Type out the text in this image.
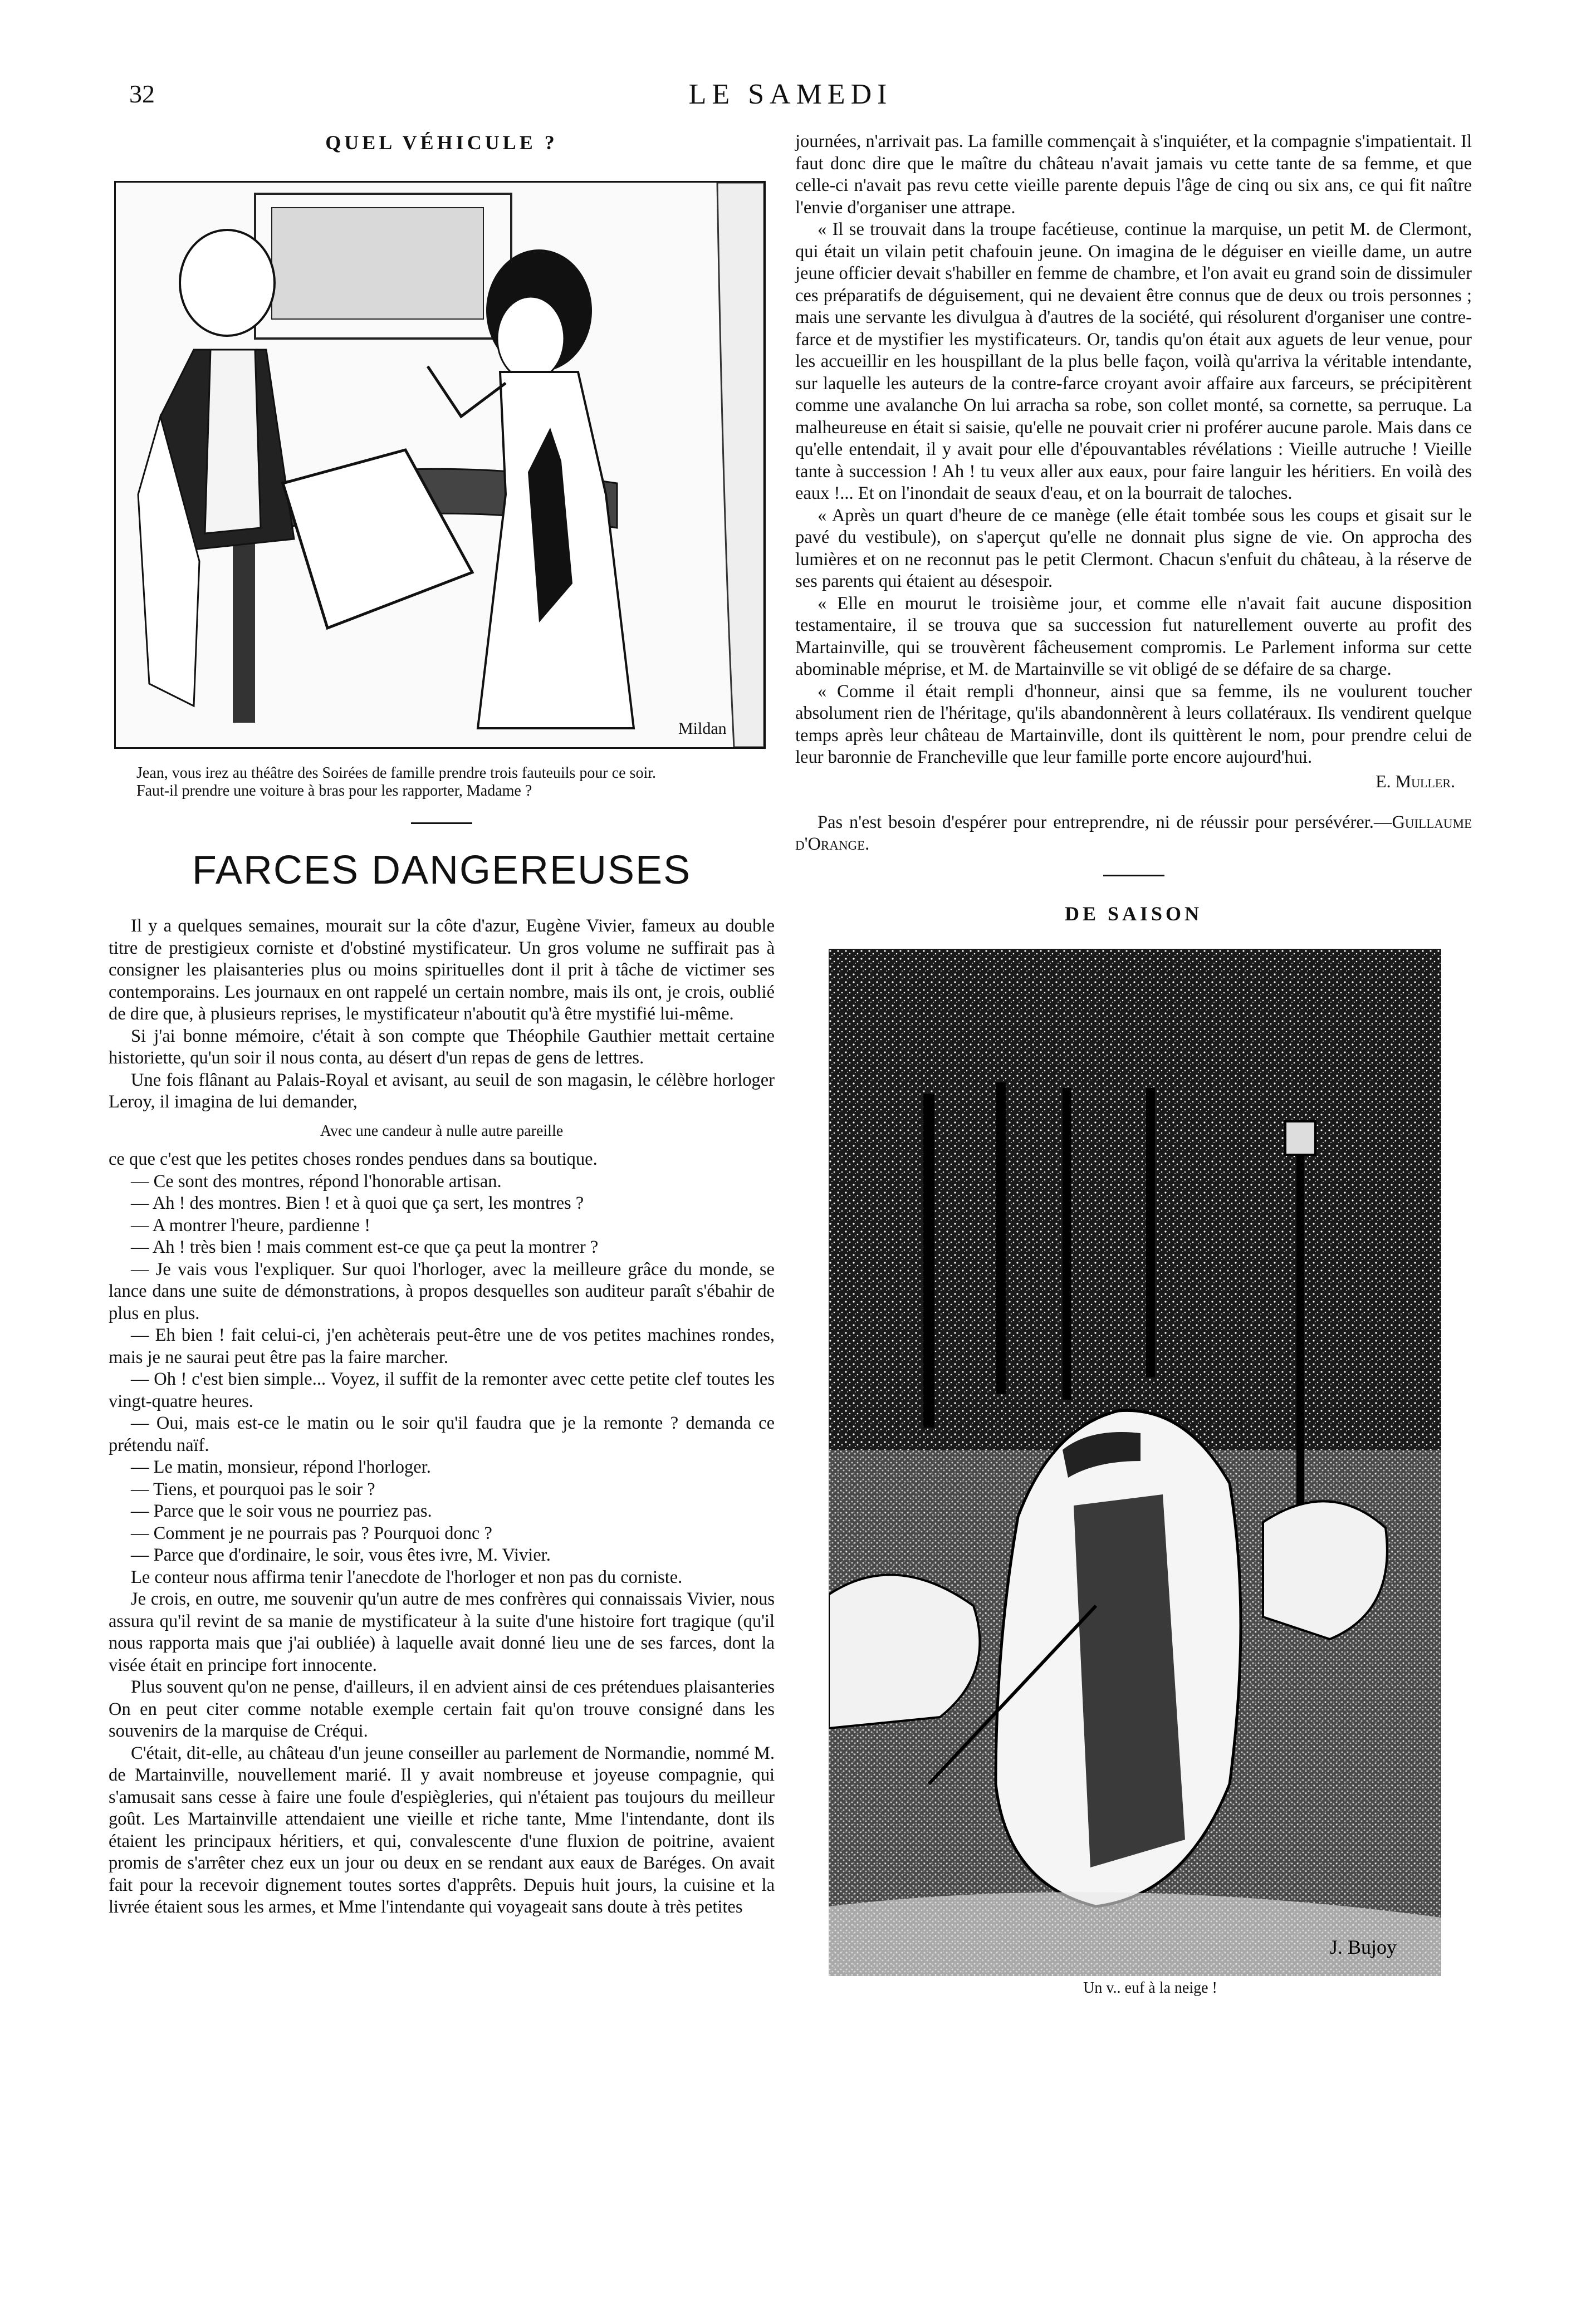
32	LE SAMEDI
QUEL VÉHICULE ?
Mildan

Jean, vous irez au théâtre des Soirées de famille prendre trois fauteuils pour ce soir.

Faut-il prendre une voiture à bras pour les rapporter, Madame ?

FARCES DANGEREUSES

Il y a quelques semaines, mourait sur la côte d'azur, Eugène Vivier, fameux au double titre de prestigieux corniste et d'obstiné mystificateur. Un gros volume ne suffirait pas à consigner les plaisanteries plus ou moins spirituelles dont il prit à tâche de victimer ses contemporains. Les journaux en ont rappelé un certain nombre, mais ils ont, je crois, oublié de dire que, à plusieurs reprises, le mystificateur n'aboutit qu'à être mystifié lui-même.

Si j'ai bonne mémoire, c'était à son compte que Théophile Gauthier mettait certaine historiette, qu'un soir il nous conta, au désert d'un repas de gens de lettres.

Une fois flânant au Palais-Royal et avisant, au seuil de son magasin, le célèbre horloger Leroy, il imagina de lui demander,

Avec une candeur à nulle autre pareille

ce que c'est que les petites choses rondes pendues dans sa boutique.

— Ce sont des montres, répond l'honorable artisan.

— Ah ! des montres. Bien ! et à quoi que ça sert, les montres ?

— A montrer l'heure, pardienne !

— Ah ! très bien ! mais comment est-ce que ça peut la montrer ?

— Je vais vous l'expliquer. Sur quoi l'horloger, avec la meilleure grâce du monde, se lance dans une suite de démonstrations, à propos desquelles son auditeur paraît s'ébahir de plus en plus.

— Eh bien ! fait celui-ci, j'en achèterais peut-être une de vos petites machines rondes, mais je ne saurai peut être pas la faire marcher.

— Oh ! c'est bien simple... Voyez, il suffit de la remonter avec cette petite clef toutes les vingt-quatre heures.

— Oui, mais est-ce le matin ou le soir qu'il faudra que je la remonte ? demanda ce prétendu naïf.

— Le matin, monsieur, répond l'horloger.

— Tiens, et pourquoi pas le soir ?

— Parce que le soir vous ne pourriez pas.

— Comment je ne pourrais pas ? Pourquoi donc ?

— Parce que d'ordinaire, le soir, vous êtes ivre, M. Vivier.

Le conteur nous affirma tenir l'anecdote de l'horloger et non pas du corniste.

Je crois, en outre, me souvenir qu'un autre de mes confrères qui connaissais Vivier, nous assura qu'il revint de sa manie de mystificateur à la suite d'une histoire fort tragique (qu'il nous rapporta mais que j'ai oubliée) à laquelle avait donné lieu une de ses farces, dont la visée était en principe fort innocente.

Plus souvent qu'on ne pense, d'ailleurs, il en advient ainsi de ces prétendues plaisanteries On en peut citer comme notable exemple certain fait qu'on trouve consigné dans les souvenirs de la marquise de Créqui.

C'était, dit-elle, au château d'un jeune conseiller au parlement de Normandie, nommé M. de Martainville, nouvellement marié. Il y avait nombreuse et joyeuse compagnie, qui s'amusait sans cesse à faire une foule d'espiègleries, qui n'étaient pas toujours du meilleur goût. Les Martainville attendaient une vieille et riche tante, Mme l'intendante, dont ils étaient les principaux héritiers, et qui, convalescente d'une fluxion de poitrine, avaient promis de s'arrêter chez eux un jour ou deux en se rendant aux eaux de Baréges. On avait fait pour la recevoir dignement toutes sortes d'apprêts. Depuis huit jours, la cuisine et la livrée étaient sous les armes, et Mme l'intendante qui voyageait sans doute à très petites

journées, n'arrivait pas. La famille commençait à s'inquiéter, et la compagnie s'impatientait. Il faut donc dire que le maître du château n'avait jamais vu cette tante de sa femme, et que celle-ci n'avait pas revu cette vieille parente depuis l'âge de cinq ou six ans, ce qui fit naître l'envie d'organiser une attrape.

« Il se trouvait dans la troupe facétieuse, continue la marquise, un petit M. de Clermont, qui était un vilain petit chafouin jeune. On imagina de le déguiser en vieille dame, un autre jeune officier devait s'habiller en femme de chambre, et l'on avait eu grand soin de dissimuler ces préparatifs de déguisement, qui ne devaient être connus que de deux ou trois personnes ; mais une servante les divulgua à d'autres de la société, qui résolurent d'organiser une contre-farce et de mystifier les mystificateurs. Or, tandis qu'on était aux aguets de leur venue, pour les accueillir en les houspillant de la plus belle façon, voilà qu'arriva la véritable intendante, sur laquelle les auteurs de la contre-farce croyant avoir affaire aux farceurs, se précipitèrent comme une avalanche On lui arracha sa robe, son collet monté, sa cornette, sa perruque. La malheureuse en était si saisie, qu'elle ne pouvait crier ni proférer aucune parole. Mais dans ce qu'elle entendait, il y avait pour elle d'épouvantables révélations : Vieille autruche ! Vieille tante à succession ! Ah ! tu veux aller aux eaux, pour faire languir les héritiers. En voilà des eaux !... Et on l'inondait de seaux d'eau, et on la bourrait de taloches.

« Après un quart d'heure de ce manège (elle était tombée sous les coups et gisait sur le pavé du vestibule), on s'aperçut qu'elle ne donnait plus signe de vie. On approcha des lumières et on ne reconnut pas le petit Clermont. Chacun s'enfuit du château, à la réserve de ses parents qui étaient au désespoir.

« Elle en mourut le troisième jour, et comme elle n'avait fait aucune disposition testamentaire, il se trouva que sa succession fut naturellement ouverte au profit des Martainville, qui se trouvèrent fâcheusement compromis. Le Parlement informa sur cette abominable méprise, et M. de Martainville se vit obligé de se défaire de sa charge.

« Comme il était rempli d'honneur, ainsi que sa femme, ils ne voulurent toucher absolument rien de l'héritage, qu'ils abandonnèrent à leurs collatéraux. Ils vendirent quelque temps après leur château de Martainville, dont ils quittèrent le nom, pour prendre celui de leur baronnie de Francheville que leur famille porte encore aujourd'hui.

E. Muller.

Pas n'est besoin d'espérer pour entreprendre, ni de réussir pour persévérer.—Guillaume d'Orange.

DE SAISON
J. Bujoy
Un v.. euf à la neige !
